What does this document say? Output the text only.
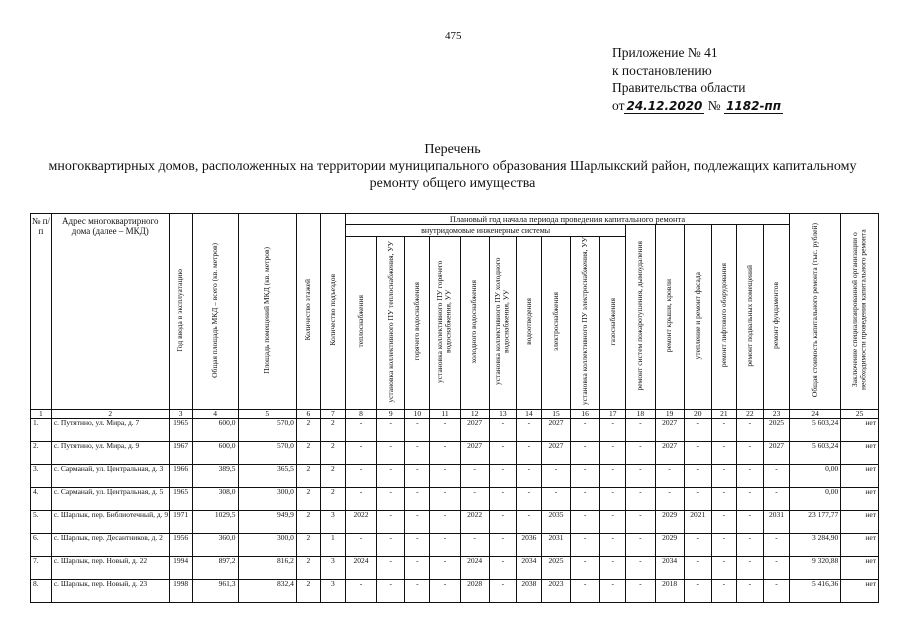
475
Приложение № 41
к постановлению
Правительства области
от 24.12.2020 № 1182-пп
Перечень
многоквартирных домов, расположенных на территории муниципального образования Шарлыкский район, подлежащих капитальному ремонту общего имущества
№ п/п	Адрес многоквартирного дома (далее – МКД)	Год ввода в эксплуатацию	Общая площадь МКД – всего (кв. метров)	Площадь помещений МКД (кв. метров)	Количество этажей	Количество подъездов	Плановый год начала периода проведения капитального ремонта																Общая стоимость капитального ремонта (тыс. рублей)	Заключение специализированной организации о необходимости проведения капитального ремонта
							внутридомовые инженерные системы										ремонт систем пожаротушения, дымоудаления	ремонт крыши, кровли	утепление и ремонт фасада	ремонт лифтового оборудования	ремонт подвальных помещений	ремонт фундаментов		
							теплоснабжения	установка коллективного ПУ теплоснабжения, УУ	горячего водоснабжения	установка коллективного ПУ горячего водоснабжения, УУ	холодного водоснабжения	установка коллективного ПУ холодного водоснабжения, УУ	водоотведения	электроснабжения	установка коллективного ПУ электроснабжения, УУ	газоснабжения								
1	2	3	4	5	6	7	8	9	10	11	12	13	14	15	16	17	18	19	20	21	22	23	24	25
1.	с. Путятино, ул. Мира, д. 7	1965	600,0	570,0	2	2	-	-	-	-	2027	-	-	2027	-	-	-	2027	-	-	-	2025	5 603,24	нет
2.	с. Путятино, ул. Мира, д. 9	1967	600,0	570,0	2	2	-	-	-	-	2027	-	-	2027	-	-	-	2027	-	-	-	2027	5 603,24	нет
3.	с. Сарманай, ул. Центральная, д. 3	1966	389,5	365,5	2	2	-	-	-	-	-	-	-	-	-	-	-	-	-	-	-	-	0,00	нет
4.	с. Сарманай, ул. Центральная, д. 5	1965	308,0	300,0	2	2	-	-	-	-	-	-	-	-	-	-	-	-	-	-	-	-	0,00	нет
5.	с. Шарлык, пер. Библиотечный, д. 9	1971	1029,5	949,9	2	3	2022	-	-	-	2022	-	-	2035	-	-	-	2029	2021	-	-	2031	23 177,77	нет
6.	с. Шарлык, пер. Десантников, д. 2	1956	360,0	300,0	2	1	-	-	-	-	-	-	2036	2031	-	-	-	2029	-	-	-	-	3 284,90	нет
7.	с. Шарлык, пер. Новый, д. 22	1994	897,2	816,2	2	3	2024	-	-	-	2024	-	2034	2025	-	-	-	2034	-	-	-	-	9 320,88	нет
8.	с. Шарлык, пер. Новый, д. 23	1998	961,3	832,4	2	3	-	-	-	-	2028	-	2038	2023	-	-	-	2018	-	-	-	-	5 416,36	нет
